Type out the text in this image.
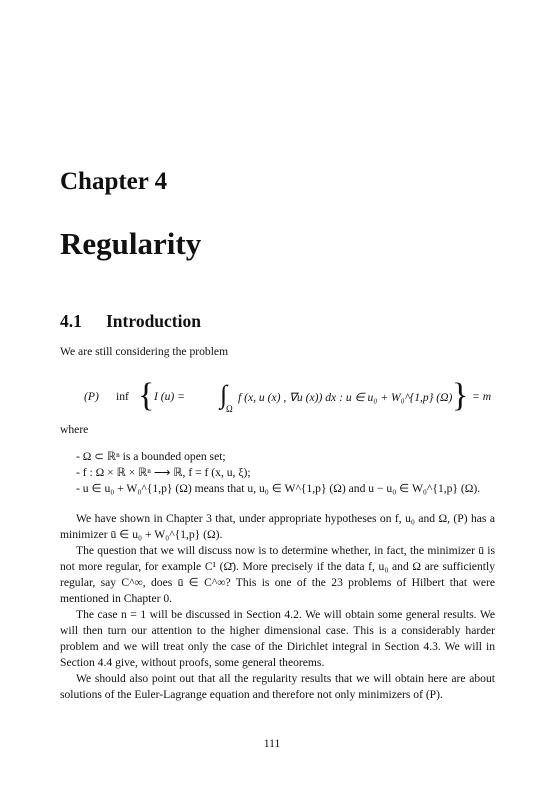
Chapter 4
Regularity
4.1 Introduction
We are still considering the problem
(P) inf { I (u) = ∫
Ω
f (x, u (x) , ∇u (x)) dx : u ∈ u₀ + W₀^{1,p} (Ω) } = m
where
- Ω ⊂ ℝⁿ is a bounded open set;
- f : Ω × ℝ × ℝⁿ ⟶ ℝ, f = f (x, u, ξ);
- u ∈ u₀ + W₀^{1,p} (Ω) means that u, u₀ ∈ W^{1,p} (Ω) and u − u₀ ∈ W₀^{1,p} (Ω).

We have shown in Chapter 3 that, under appropriate hypotheses on f, u₀ and Ω, (P) has a minimizer ū ∈ u₀ + W₀^{1,p} (Ω).

The question that we will discuss now is to determine whether, in fact, the minimizer ū is not more regular, for example C¹ (Ω̄). More precisely if the data f, u₀ and Ω are sufficiently regular, say C^∞, does ū ∈ C^∞? This is one of the 23 problems of Hilbert that were mentioned in Chapter 0.

The case n = 1 will be discussed in Section 4.2. We will obtain some general results. We will then turn our attention to the higher dimensional case. This is a considerably harder problem and we will treat only the case of the Dirichlet integral in Section 4.3. We will in Section 4.4 give, without proofs, some general theorems.

We should also point out that all the regularity results that we will obtain here are about solutions of the Euler-Lagrange equation and therefore not only minimizers of (P).

111
